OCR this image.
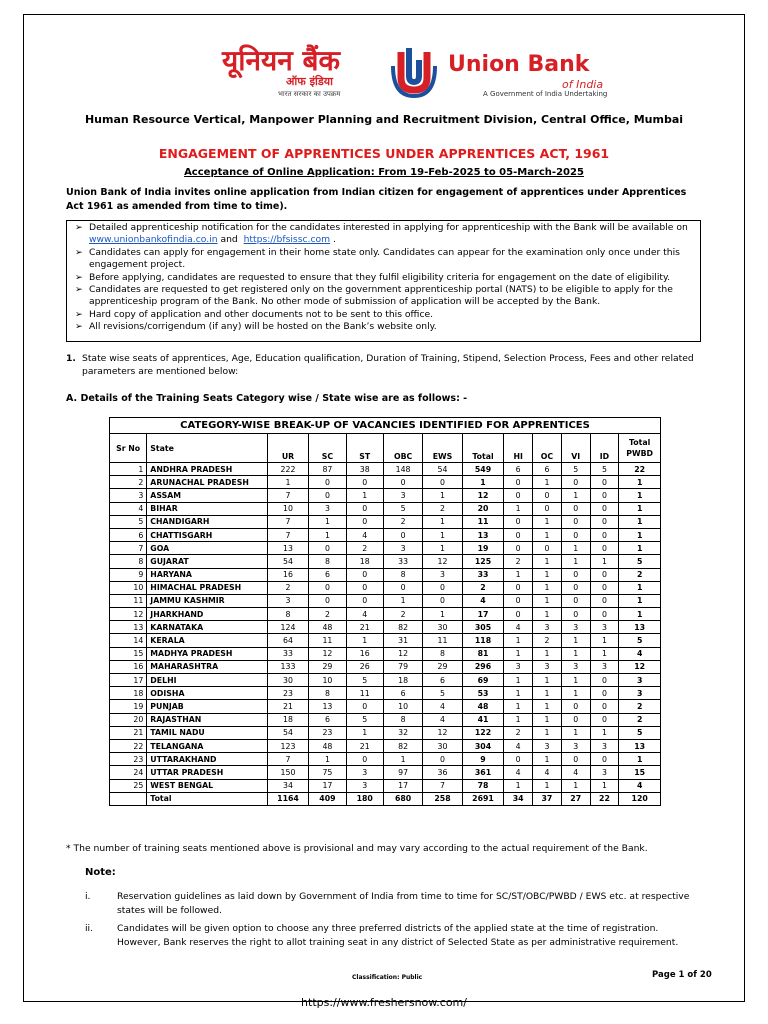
यूनियन बैंक
ऑफ इंडिया
भारत सरकार का उपक्रम
Union Bank
of India
A Government of India Undertaking
Human Resource Vertical, Manpower Planning and Recruitment Division, Central Office, Mumbai
ENGAGEMENT OF APPRENTICES UNDER APPRENTICES ACT, 1961
Acceptance of Online Application: From 19-Feb-2025 to 05-March-2025
Union Bank of India invites online application from Indian citizen for engagement of apprentices under Apprentices Act 1961 as amended from time to time).
➢ Detailed apprenticeship notification for the candidates interested in applying for apprenticeship with the Bank will be available on www.unionbankofindia.co.in and https://bfsissc.com .
➢ Candidates can apply for engagement in their home state only. Candidates can appear for the examination only once under this engagement project.
➢ Before applying, candidates are requested to ensure that they fulfil eligibility criteria for engagement on the date of eligibility.
➢ Candidates are requested to get registered only on the government apprenticeship portal (NATS) to be eligible to apply for the apprenticeship program of the Bank. No other mode of submission of application will be accepted by the Bank.
➢ Hard copy of application and other documents not to be sent to this office.
➢ All revisions/corrigendum (if any) will be hosted on the Bank’s website only.
1. State wise seats of apprentices, Age, Education qualification, Duration of Training, Stipend, Selection Process, Fees and other related parameters are mentioned below:
A. Details of the Training Seats Category wise / State wise are as follows: -
CATEGORY-WISE BREAK-UP OF VACANCIES IDENTIFIED FOR APPRENTICES												
Sr No	State	UR	SC	ST	OBC	EWS	Total	HI	OC	VI	ID	Total PWBD
1	ANDHRA PRADESH	222	87	38	148	54	549	6	6	5	5	22
2	ARUNACHAL PRADESH	1	0	0	0	0	1	0	1	0	0	1
3	ASSAM	7	0	1	3	1	12	0	0	1	0	1
4	BIHAR	10	3	0	5	2	20	1	0	0	0	1
5	CHANDIGARH	7	1	0	2	1	11	0	1	0	0	1
6	CHATTISGARH	7	1	4	0	1	13	0	1	0	0	1
7	GOA	13	0	2	3	1	19	0	0	1	0	1
8	GUJARAT	54	8	18	33	12	125	2	1	1	1	5
9	HARYANA	16	6	0	8	3	33	1	1	0	0	2
10	HIMACHAL PRADESH	2	0	0	0	0	2	0	1	0	0	1
11	JAMMU KASHMIR	3	0	0	1	0	4	0	1	0	0	1
12	JHARKHAND	8	2	4	2	1	17	0	1	0	0	1
13	KARNATAKA	124	48	21	82	30	305	4	3	3	3	13
14	KERALA	64	11	1	31	11	118	1	2	1	1	5
15	MADHYA PRADESH	33	12	16	12	8	81	1	1	1	1	4
16	MAHARASHTRA	133	29	26	79	29	296	3	3	3	3	12
17	DELHI	30	10	5	18	6	69	1	1	1	0	3
18	ODISHA	23	8	11	6	5	53	1	1	1	0	3
19	PUNJAB	21	13	0	10	4	48	1	1	0	0	2
20	RAJASTHAN	18	6	5	8	4	41	1	1	0	0	2
21	TAMIL NADU	54	23	1	32	12	122	2	1	1	1	5
22	TELANGANA	123	48	21	82	30	304	4	3	3	3	13
23	UTTARAKHAND	7	1	0	1	0	9	0	1	0	0	1
24	UTTAR PRADESH	150	75	3	97	36	361	4	4	4	3	15
25	WEST BENGAL	34	17	3	17	7	78	1	1	1	1	4
	Total	1164	409	180	680	258	2691	34	37	27	22	120
* The number of training seats mentioned above is provisional and may vary according to the actual requirement of the Bank.
Note:
i.	Reservation guidelines as laid down by Government of India from time to time for SC/ST/OBC/PWBD / EWS etc. at respective states will be followed.
ii.	Candidates will be given option to choose any three preferred districts of the applied state at the time of registration. However, Bank reserves the right to allot training seat in any district of Selected State as per administrative requirement.
Classification: Public	Page 1 of 20
https://www.freshersnow.com/
